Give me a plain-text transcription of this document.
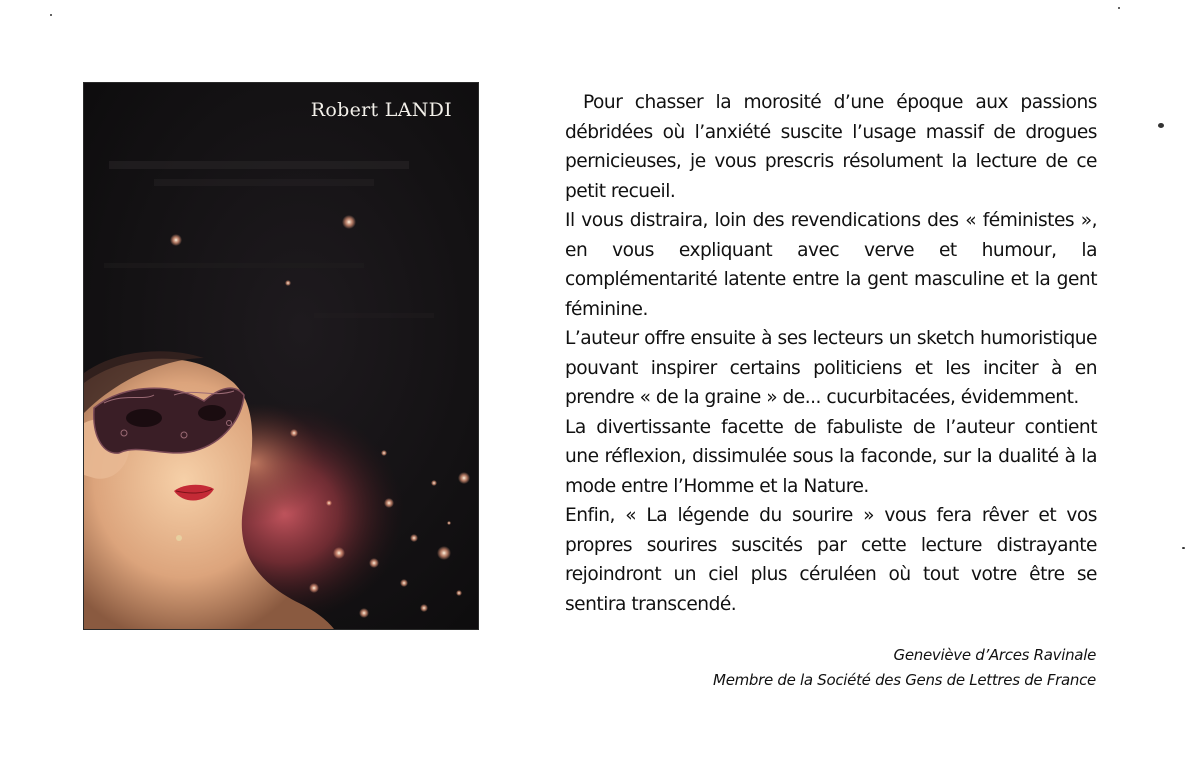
Robert LANDI	Pour chasser la morosité d’une époque aux passions débridées où l’anxiété suscite l’usage massif de drogues pernicieuses, je vous prescris résolument la lecture de ce petit recueil.

Il vous distraira, loin des revendications des « féministes », en vous expliquant avec verve et humour, la complémentarité latente entre la gent masculine et la gent féminine.

L’auteur offre ensuite à ses lecteurs un sketch humoristique pouvant inspirer certains politiciens et les inciter à en prendre « de la graine » de... cucurbitacées, évidemment.

La divertissante facette de fabuliste de l’auteur contient une réflexion, dissimulée sous la faconde, sur la dualité à la mode entre l’Homme et la Nature.

Enfin, « La légende du sourire » vous fera rêver et vos propres sourires suscités par cette lecture distrayante rejoindront un ciel plus céruléen où tout votre être se sentira transcendé.

Geneviève d’Arces Ravinale
Membre de la Société des Gens de Lettres de France
